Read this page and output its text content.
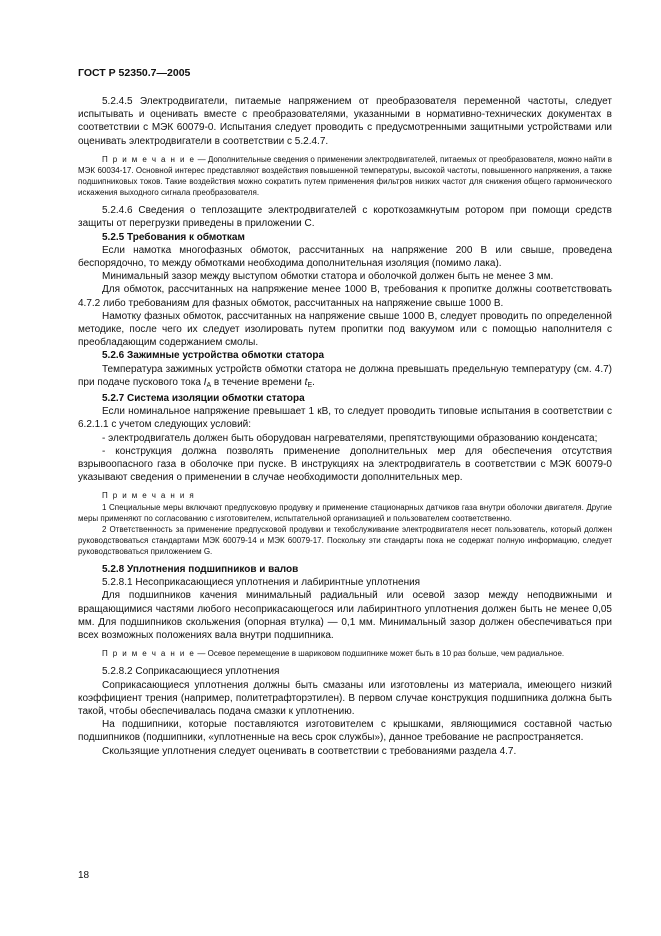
ГОСТ Р 52350.7—2005

5.2.4.5 Электродвигатели, питаемые напряжением от преобразователя переменной частоты, следует испытывать и оценивать вместе с преобразователями, указанными в нормативно-технических документах в соответствии с МЭК 60079-0. Испытания следует проводить с предусмотренными защитными устройствами или оценивать электродвигатели в соответствии с 5.2.4.7.

П р и м е ч а н и е — Дополнительные сведения о применении электродвигателей, питаемых от преобразователя, можно найти в МЭК 60034-17. Основной интерес представляют воздействия повышенной температуры, высокой частоты, повышенного напряжения, а также подшипниковых токов. Такие воздействия можно сократить путем применения фильтров низких частот для снижения общего гармонического искажения выходного сигнала преобразователя.

5.2.4.6 Сведения о теплозащите электродвигателей с короткозамкнутым ротором при помощи средств защиты от перегрузки приведены в приложении С.

5.2.5 Требования к обмоткам

Если намотка многофазных обмоток, рассчитанных на напряжение 200 В или свыше, проведена беспорядочно, то между обмотками необходима дополнительная изоляция (помимо лака).

Минимальный зазор между выступом обмотки статора и оболочкой должен быть не менее 3 мм.

Для обмоток, рассчитанных на напряжение менее 1000 В, требования к пропитке должны соответствовать 4.7.2 либо требованиям для фазных обмоток, рассчитанных на напряжение свыше 1000 В.

Намотку фазных обмоток, рассчитанных на напряжение свыше 1000 В, следует проводить по определенной методике, после чего их следует изолировать путем пропитки под вакуумом или с помощью наполнителя с преобладающим содержанием смолы.

5.2.6 Зажимные устройства обмотки статора

Температура зажимных устройств обмотки статора не должна превышать предельную температуру (см. 4.7) при подаче пускового тока $I_A$ в течение времени $t_E$.

5.2.7 Система изоляции обмотки статора

Если номинальное напряжение превышает 1 кВ, то следует проводить типовые испытания в соответствии с 6.2.1.1 с учетом следующих условий:

- электродвигатель должен быть оборудован нагревателями, препятствующими образованию конденсата;

- конструкция должна позволять применение дополнительных мер для обеспечения отсутствия взрывоопасного газа в оболочке при пуске. В инструкциях на электродвигатель в соответствии с МЭК 60079-0 указывают сведения о применении в случае необходимости дополнительных мер.

П р и м е ч а н и я

1 Специальные меры включают предпусковую продувку и применение стационарных датчиков газа внутри оболочки двигателя. Другие меры применяют по согласованию с изготовителем, испытательной организацией и пользователем соответственно.

2 Ответственность за применение предпусковой продувки и техобслуживание электродвигателя несет пользователь, который должен руководствоваться стандартами МЭК 60079-14 и МЭК 60079-17. Поскольку эти стандарты пока не содержат полную информацию, следует руководствоваться приложением G.

5.2.8 Уплотнения подшипников и валов

5.2.8.1 Несоприкасающиеся уплотнения и лабиринтные уплотнения

Для подшипников качения минимальный радиальный или осевой зазор между неподвижными и вращающимися частями любого несоприкасающегося или лабиринтного уплотнения должен быть не менее 0,05 мм. Для подшипников скольжения (опорная втулка) — 0,1 мм. Минимальный зазор должен обеспечиваться при всех возможных положениях вала внутри подшипника.

П р и м е ч а н и е — Осевое перемещение в шариковом подшипнике может быть в 10 раз больше, чем радиальное.

5.2.8.2 Соприкасающиеся уплотнения

Соприкасающиеся уплотнения должны быть смазаны или изготовлены из материала, имеющего низкий коэффициент трения (например, политетрафторэтилен). В первом случае конструкция подшипника должна быть такой, чтобы обеспечивалась подача смазки к уплотнению.

На подшипники, которые поставляются изготовителем с крышками, являющимися составной частью подшипников (подшипники, «уплотненные на весь срок службы»), данное требование не распространяется.

Скользящие уплотнения следует оценивать в соответствии с требованиями раздела 4.7.

18
